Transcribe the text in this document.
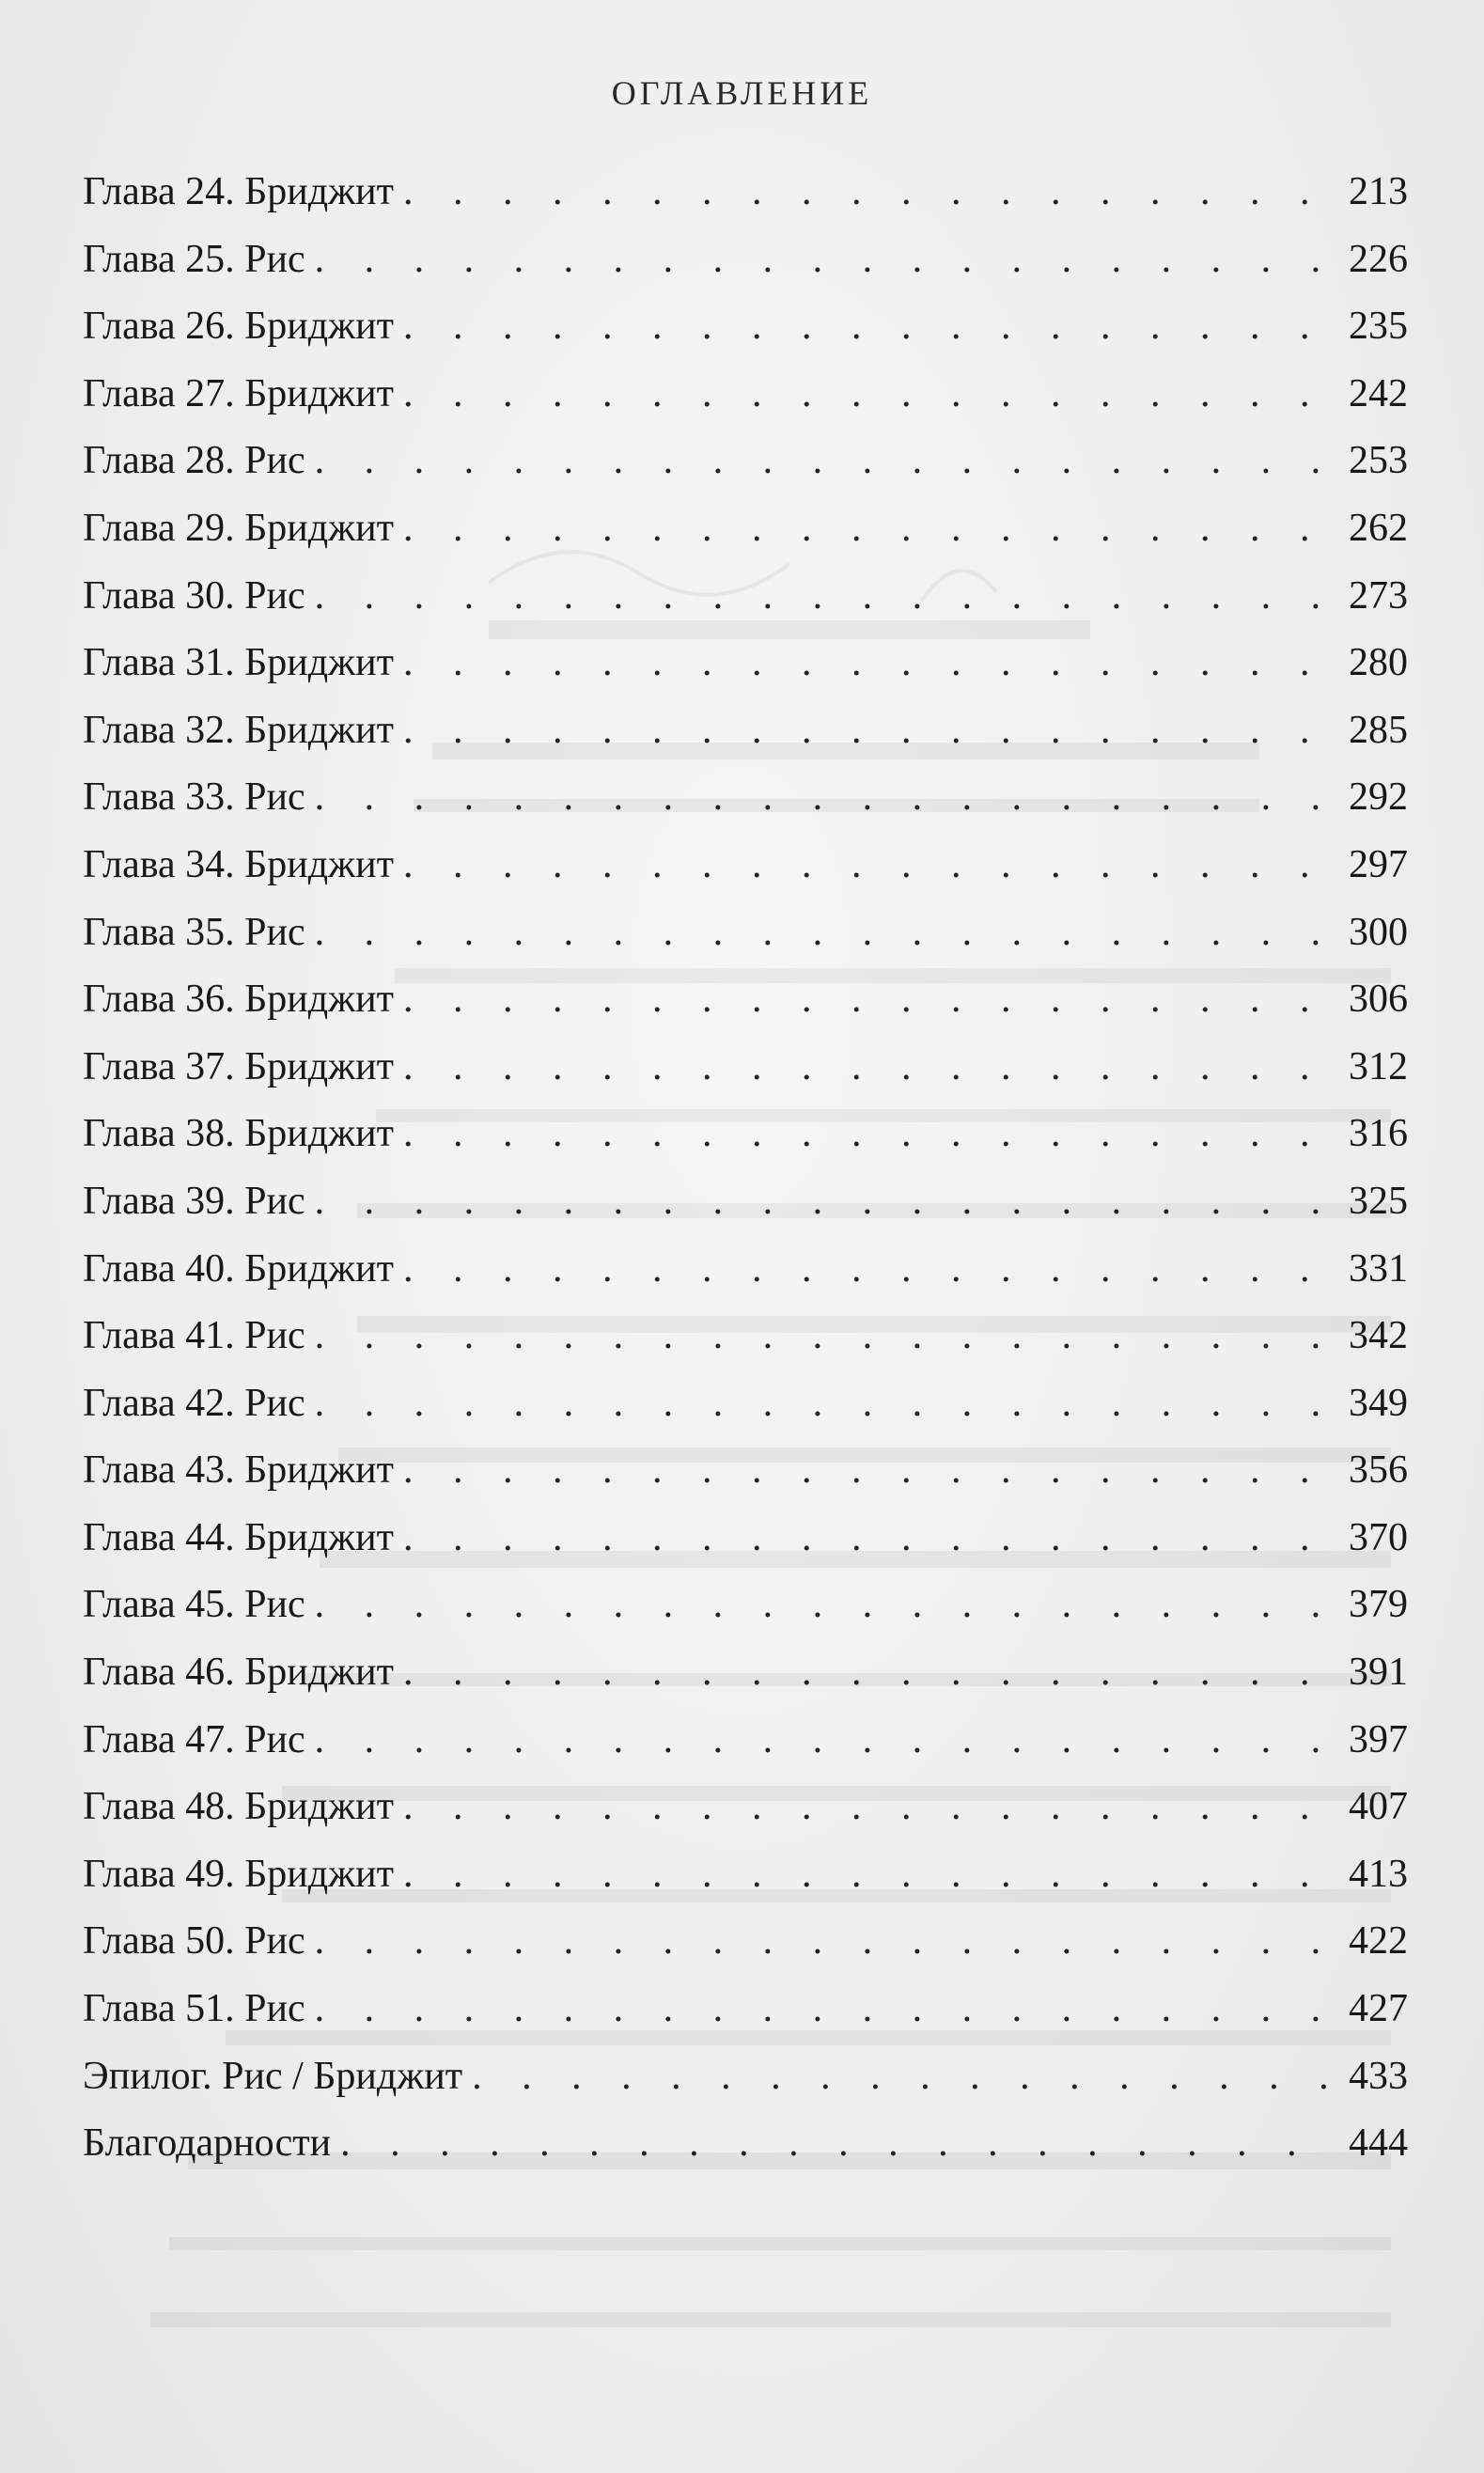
ОГЛАВЛЕНИЕ
Глава 24. Бриджит . . .	213
Глава 25. Рис . . .	226
Глава 26. Бриджит . . .	235
Глава 27. Бриджит . . .	242
Глава 28. Рис . . .	253
Глава 29. Бриджит . . .	262
Глава 30. Рис . . .	273
Глава 31. Бриджит . . .	280
Глава 32. Бриджит . . .	285
Глава 33. Рис . . .	292
Глава 34. Бриджит . . .	297
Глава 35. Рис . . .	300
Глава 36. Бриджит . . .	306
Глава 37. Бриджит . . .	312
Глава 38. Бриджит . . .	316
Глава 39. Рис . . .	325
Глава 40. Бриджит . . .	331
Глава 41. Рис . . .	342
Глава 42. Рис . . .	349
Глава 43. Бриджит . . .	356
Глава 44. Бриджит . . .	370
Глава 45. Рис . . .	379
Глава 46. Бриджит . . .	391
Глава 47. Рис . . .	397
Глава 48. Бриджит . . .	407
Глава 49. Бриджит . . .	413
Глава 50. Рис . . .	422
Глава 51. Рис . . .	427
Эпилог. Рис / Бриджит . . .	433
Благодарности . . .	444
